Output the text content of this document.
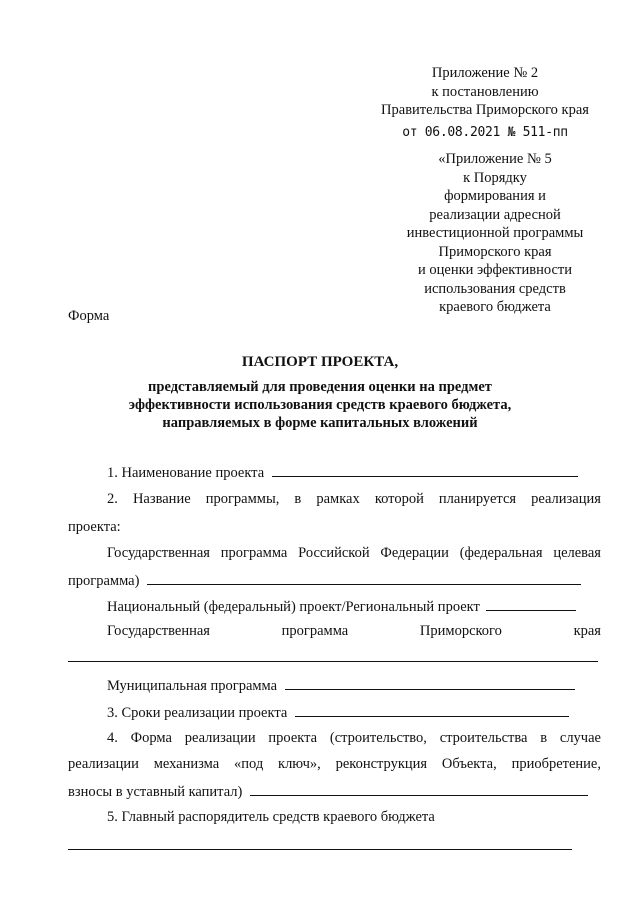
Приложение № 2
к постановлению
Правительства Приморского края
от 06.08.2021 № 511-пп
«Приложение № 5
к Порядку
формирования и
реализации адресной
инвестиционной программы
Приморского края
и оценки эффективности
использования средств
краевого бюджета
Форма
ПАСПОРТ ПРОЕКТА,
представляемый для проведения оценки на предмет
эффективности использования средств краевого бюджета,
направляемых в форме капитальных вложений
1. Наименование проекта
2. Название программы, в рамках которой планируется реализация
проекта:
Государственная программа Российской Федерации (федеральная целевая
программа)
Национальный (федеральный) проект/Региональный проект
Государственная	программа	Приморского	края
Муниципальная программа
3. Сроки реализации проекта
4. Форма реализации проекта (строительство, строительства в случае
реализации механизма «под ключ», реконструкция Объекта, приобретение,
взносы в уставный капитал)
5. Главный распорядитель средств краевого бюджета
